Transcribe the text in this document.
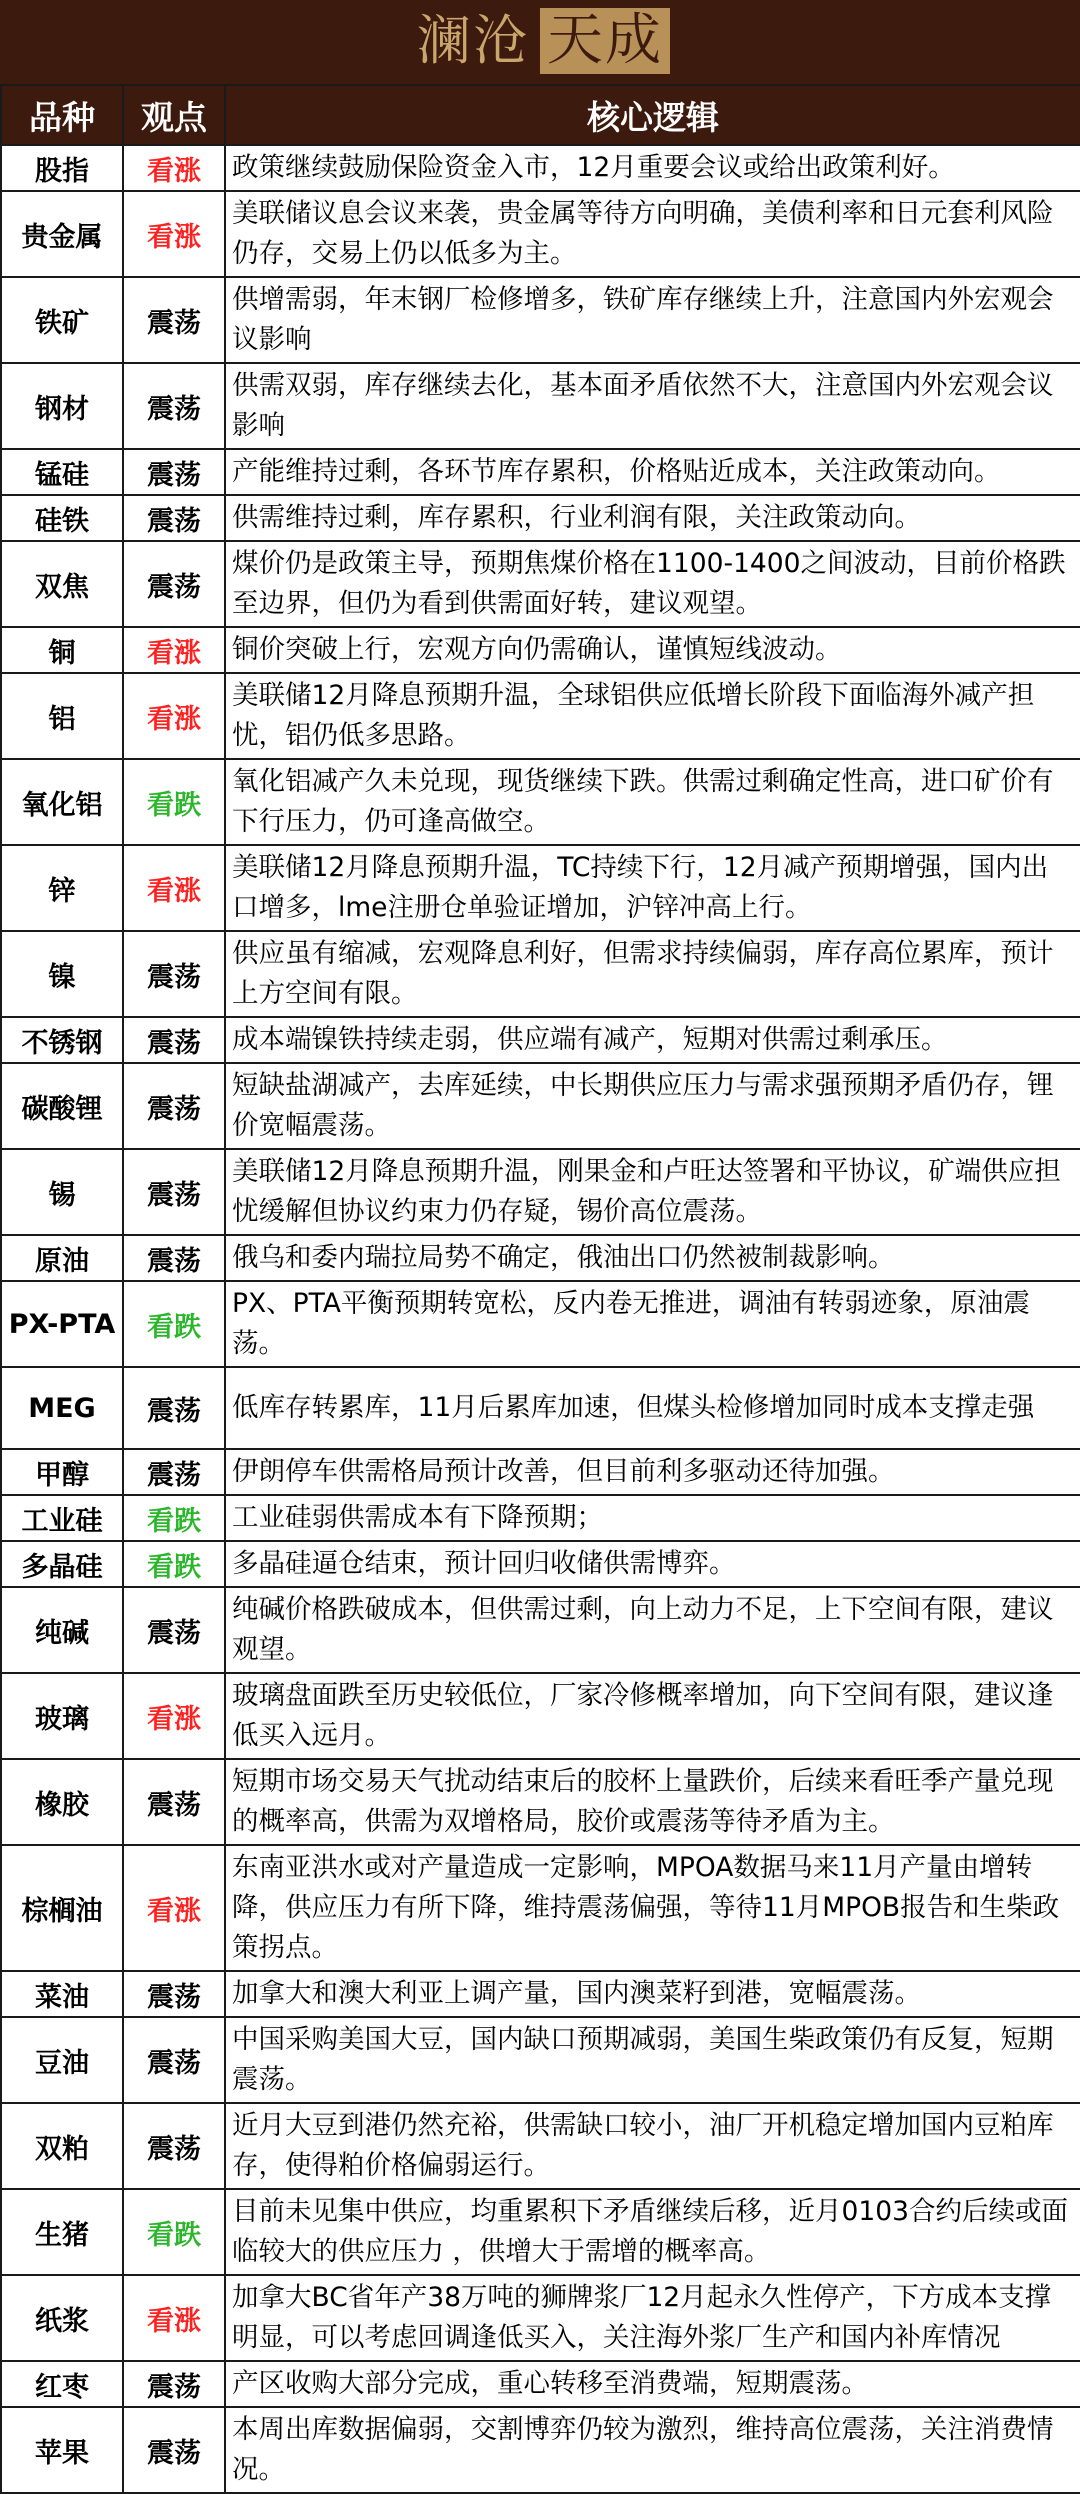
澜沧 天成
品种	观点	核心逻辑
股指	看涨	政策继续鼓励保险资金入市，12月重要会议或给出政策利好。
贵金属	看涨	美联储议息会议来袭，贵金属等待方向明确，美债利率和日元套利风险仍存，交易上仍以低多为主。
铁矿	震荡	供增需弱，年末钢厂检修增多，铁矿库存继续上升，注意国内外宏观会议影响
钢材	震荡	供需双弱，库存继续去化，基本面矛盾依然不大，注意国内外宏观会议影响
锰硅	震荡	产能维持过剩，各环节库存累积，价格贴近成本，关注政策动向。
硅铁	震荡	供需维持过剩，库存累积，行业利润有限，关注政策动向。
双焦	震荡	煤价仍是政策主导，预期焦煤价格在1100-1400之间波动，目前价格跌至边界，但仍为看到供需面好转，建议观望。
铜	看涨	铜价突破上行，宏观方向仍需确认，谨慎短线波动。
铝	看涨	美联储12月降息预期升温，全球铝供应低增长阶段下面临海外减产担忧，铝仍低多思路。
氧化铝	看跌	氧化铝减产久未兑现，现货继续下跌。供需过剩确定性高，进口矿价有下行压力，仍可逢高做空。
锌	看涨	美联储12月降息预期升温，TC持续下行，12月减产预期增强，国内出口增多，lme注册仓单验证增加，沪锌冲高上行。
镍	震荡	供应虽有缩减，宏观降息利好，但需求持续偏弱，库存高位累库，预计上方空间有限。
不锈钢	震荡	成本端镍铁持续走弱，供应端有减产，短期对供需过剩承压。
碳酸锂	震荡	短缺盐湖减产，去库延续，中长期供应压力与需求强预期矛盾仍存，锂价宽幅震荡。
锡	震荡	美联储12月降息预期升温，刚果金和卢旺达签署和平协议，矿端供应担忧缓解但协议约束力仍存疑，锡价高位震荡。
原油	震荡	俄乌和委内瑞拉局势不确定，俄油出口仍然被制裁影响。
PX-PTA	看跌	PX、PTA平衡预期转宽松，反内卷无推进，调油有转弱迹象，原油震荡。
MEG	震荡	低库存转累库，11月后累库加速，但煤头检修增加同时成本支撑走强
甲醇	震荡	伊朗停车供需格局预计改善，但目前利多驱动还待加强。
工业硅	看跌	工业硅弱供需成本有下降预期；
多晶硅	看跌	多晶硅逼仓结束，预计回归收储供需博弈。
纯碱	震荡	纯碱价格跌破成本，但供需过剩，向上动力不足，上下空间有限，建议观望。
玻璃	看涨	玻璃盘面跌至历史较低位，厂家冷修概率增加，向下空间有限，建议逢低买入远月。
橡胶	震荡	短期市场交易天气扰动结束后的胶杯上量跌价，后续来看旺季产量兑现的概率高，供需为双增格局，胶价或震荡等待矛盾为主。
棕榈油	看涨	东南亚洪水或对产量造成一定影响，MPOA数据马来11月产量由增转降，供应压力有所下降，维持震荡偏强，等待11月MPOB报告和生柴政策拐点。
菜油	震荡	加拿大和澳大利亚上调产量，国内澳菜籽到港，宽幅震荡。
豆油	震荡	中国采购美国大豆，国内缺口预期减弱，美国生柴政策仍有反复，短期震荡。
双粕	震荡	近月大豆到港仍然充裕，供需缺口较小，油厂开机稳定增加国内豆粕库存，使得粕价格偏弱运行。
生猪	看跌	目前未见集中供应，均重累积下矛盾继续后移，近月0103合约后续或面临较大的供应压力 ，供增大于需增的概率高。
纸浆	看涨	加拿大BC省年产38万吨的狮牌浆厂12月起永久性停产，下方成本支撑明显，可以考虑回调逢低买入，关注海外浆厂生产和国内补库情况
红枣	震荡	产区收购大部分完成，重心转移至消费端，短期震荡。
苹果	震荡	本周出库数据偏弱，交割博弈仍较为激烈，维持高位震荡，关注消费情况。
